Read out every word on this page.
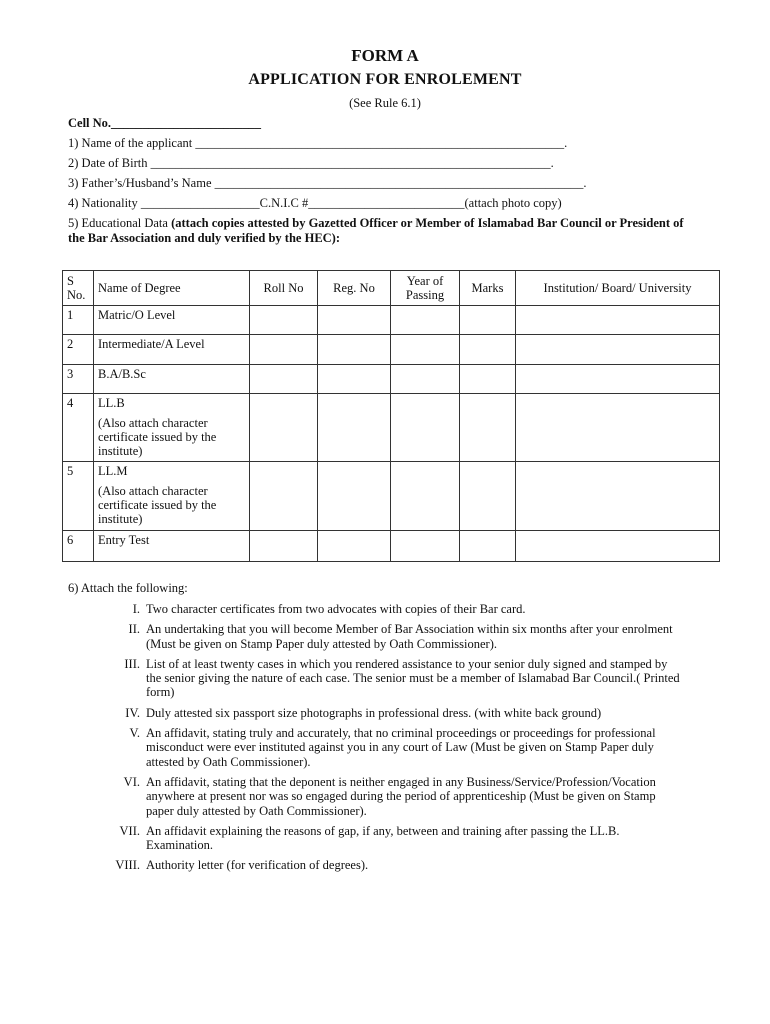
FORM A
APPLICATION FOR ENROLEMENT
(See Rule 6.1)
Cell No.________________________
1) Name of the applicant ___________________________________________________________.
2) Date of Birth ________________________________________________________________.
3) Father’s/Husband’s Name ___________________________________________________________.
4) Nationality ___________________C.N.I.C #_________________________(attach photo copy)
5) Educational Data (attach copies attested by Gazetted Officer or Member of Islamabad Bar Council or President of the Bar Association and duly verified by the HEC):
S No.	Name of Degree	Roll No	Reg. No	Year of Passing	Marks	Institution/ Board/ University
1	Matric/O Level					
2	Intermediate/A Level					
3	B.A/B.Sc					
4	LL.B
(Also attach character certificate issued by the institute)					

5	LL.M
(Also attach character certificate issued by the institute)					

6	Entry Test					
6) Attach the following:
I. Two character certificates from two advocates with copies of their Bar card.
II. An undertaking that you will become Member of Bar Association within six months after your enrolment (Must be given on Stamp Paper duly attested by Oath Commissioner).
III. List of at least twenty cases in which you rendered assistance to your senior duly signed and stamped by the senior giving the nature of each case. The senior must be a member of Islamabad Bar Council.( Printed form)
IV. Duly attested six passport size photographs in professional dress. (with white back ground)
V. An affidavit, stating truly and accurately, that no criminal proceedings or proceedings for professional misconduct were ever instituted against you in any court of Law (Must be given on Stamp Paper duly attested by Oath Commissioner).
VI. An affidavit, stating that the deponent is neither engaged in any Business/Service/Profession/Vocation anywhere at present nor was so engaged during the period of apprenticeship (Must be given on Stamp paper duly attested by Oath Commissioner).
VII. An affidavit explaining the reasons of gap, if any, between and training after passing the LL.B. Examination.
VIII. Authority letter (for verification of degrees).
